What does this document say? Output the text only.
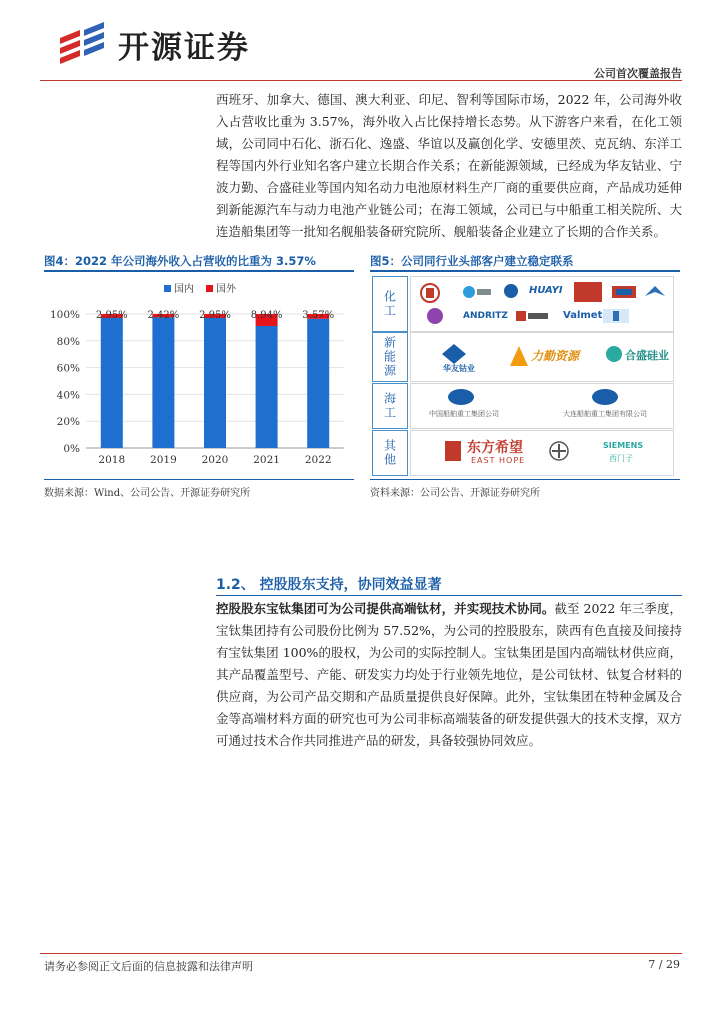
开源证券
公司首次覆盖报告
西班牙、加拿大、德国、澳大利亚、印尼、智利等国际市场，2022 年，公司海外收入占营收比重为 3.57%，海外收入占比保持增长态势。从下游客户来看，在化工领域，公司同中石化、浙石化、逸盛、华谊以及赢创化学、安德里茨、克瓦纳、东洋工程等国内外行业知名客户建立长期合作关系；在新能源领域，已经成为华友钴业、宁波力勤、合盛硅业等国内知名动力电池原材料生产厂商的重要供应商，产品成功延伸到新能源汽车与动力电池产业链公司；在海工领域，公司已与中船重工相关院所、大连造船集团等一批知名舰船装备研究院所、舰船装备企业建立了长期的合作关系。
图4：2022 年公司海外收入占营收的比重为 3.57%	图5：公司同行业头部客户建立稳定联系
0%
20%
40%
60%
80%
100%
国内 国外
2.95%
2018
2.42%
2019
2.95%
2020
8.94%
2021
3.57%
2022
化工	HUAYI
ANDRITZ	Valmet
新能源	华友钴业
力勤资源	合盛硅业
海工	中国船舶重工集团公司	大连船舶重工集团有限公司
其他	东方希望
EAST HOPE
SIEMENS
西门子
数据来源：Wind、公司公告、开源证券研究所	资料来源：公司公告、开源证券研究所
1.2、 控股股东支持，协同效益显著
控股股东宝钛集团可为公司提供高端钛材，并实现技术协同。截至 2022 年三季度，宝钛集团持有公司股份比例为 57.52%，为公司的控股股东，陕西有色直接及间接持有宝钛集团 100%的股权，为公司的实际控制人。宝钛集团是国内高端钛材供应商，其产品覆盖型号、产能、研发实力均处于行业领先地位，是公司钛材、钛复合材料的供应商，为公司产品交期和产品质量提供良好保障。此外，宝钛集团在特种金属及合金等高端材料方面的研究也可为公司非标高端装备的研发提供强大的技术支撑，双方可通过技术合作共同推进产品的研发，具备较强协同效应。
请务必参阅正文后面的信息披露和法律声明	7 / 29
